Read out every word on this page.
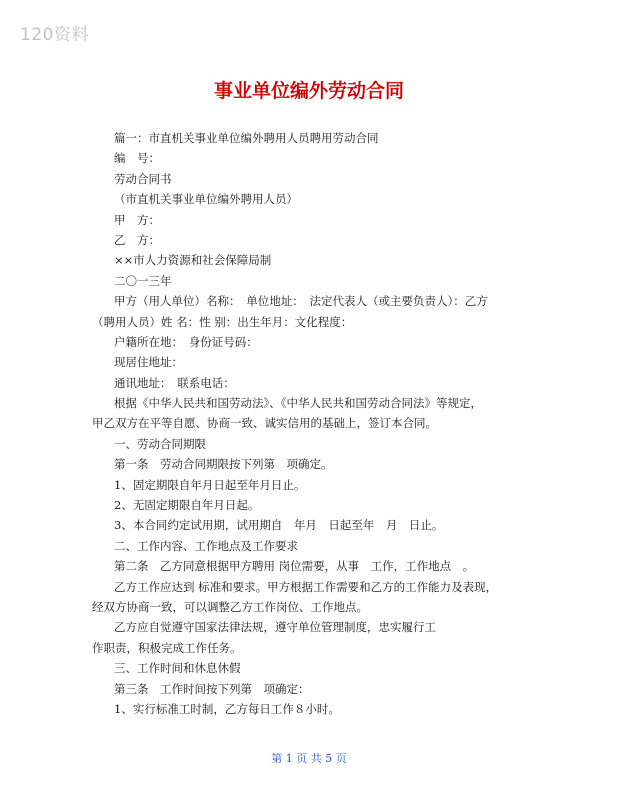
120资料
事业单位编外劳动合同
篇一：市直机关事业单位编外聘用人员聘用劳动合同
编　号：
劳动合同书
（市直机关事业单位编外聘用人员）
甲　方：
乙　方：
××市人力资源和社会保障局制
二〇一三年
甲方（用人单位）名称：　单位地址：　法定代表人（或主要负责人）：乙方
（聘用人员）姓 名：性 别：出生年月：文化程度：
户籍所在地：　身份证号码：
现居住地址：
通讯地址：　联系电话：
根据《中华人民共和国劳动法》、《中华人民共和国劳动合同法》等规定，
甲乙双方在平等自愿、协商一致、诚实信用的基础上，签订本合同。
一、劳动合同期限
第一条　劳动合同期限按下列第　项确定。
1、固定期限自年月日起至年月日止。
2、无固定期限自年月日起。
3、本合同约定试用期，试用期自　年月　日起至年　月　日止。
二、工作内容、工作地点及工作要求
第二条　乙方同意根据甲方聘用 岗位需要，从事　工作，工作地点　。
乙方工作应达到 标准和要求。甲方根据工作需要和乙方的工作能力及表现，
经双方协商一致，可以调整乙方工作岗位、工作地点。
乙方应自觉遵守国家法律法规，遵守单位管理制度，忠实履行工
作职责，积极完成工作任务。
三、工作时间和休息休假
第三条　工作时间按下列第　项确定：
1、实行标准工时制，乙方每日工作８小时。
第 1 页 共 5 页
